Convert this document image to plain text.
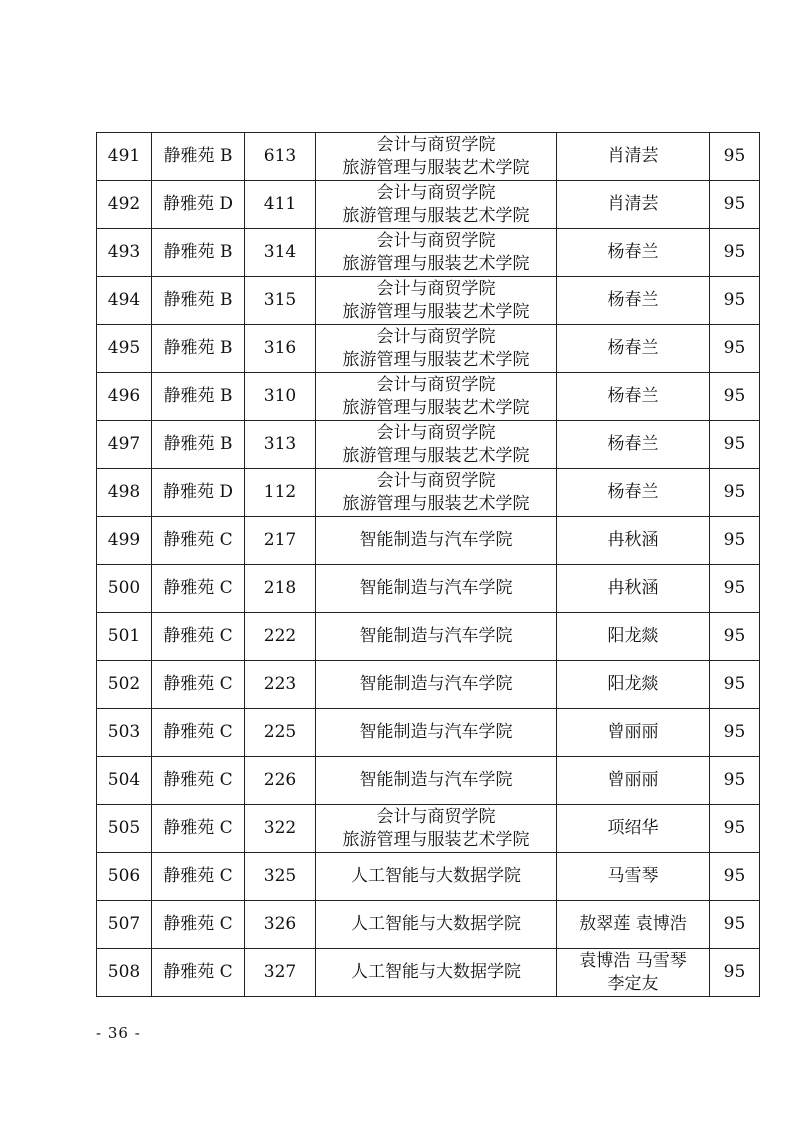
491	静雅苑 B	613	会计与商贸学院
旅游管理与服装艺术学院	肖清芸	95
492	静雅苑 D	411	会计与商贸学院
旅游管理与服装艺术学院	肖清芸	95
493	静雅苑 B	314	会计与商贸学院
旅游管理与服装艺术学院	杨春兰	95
494	静雅苑 B	315	会计与商贸学院
旅游管理与服装艺术学院	杨春兰	95
495	静雅苑 B	316	会计与商贸学院
旅游管理与服装艺术学院	杨春兰	95
496	静雅苑 B	310	会计与商贸学院
旅游管理与服装艺术学院	杨春兰	95
497	静雅苑 B	313	会计与商贸学院
旅游管理与服装艺术学院	杨春兰	95
498	静雅苑 D	112	会计与商贸学院
旅游管理与服装艺术学院	杨春兰	95
499	静雅苑 C	217	智能制造与汽车学院	冉秋涵	95
500	静雅苑 C	218	智能制造与汽车学院	冉秋涵	95
501	静雅苑 C	222	智能制造与汽车学院	阳龙燚	95
502	静雅苑 C	223	智能制造与汽车学院	阳龙燚	95
503	静雅苑 C	225	智能制造与汽车学院	曾丽丽	95
504	静雅苑 C	226	智能制造与汽车学院	曾丽丽	95
505	静雅苑 C	322	会计与商贸学院
旅游管理与服装艺术学院	项绍华	95
506	静雅苑 C	325	人工智能与大数据学院	马雪琴	95
507	静雅苑 C	326	人工智能与大数据学院	敖翠莲 袁博浩	95
508	静雅苑 C	327	人工智能与大数据学院	袁博浩 马雪琴
李定友	95
- 36 -
